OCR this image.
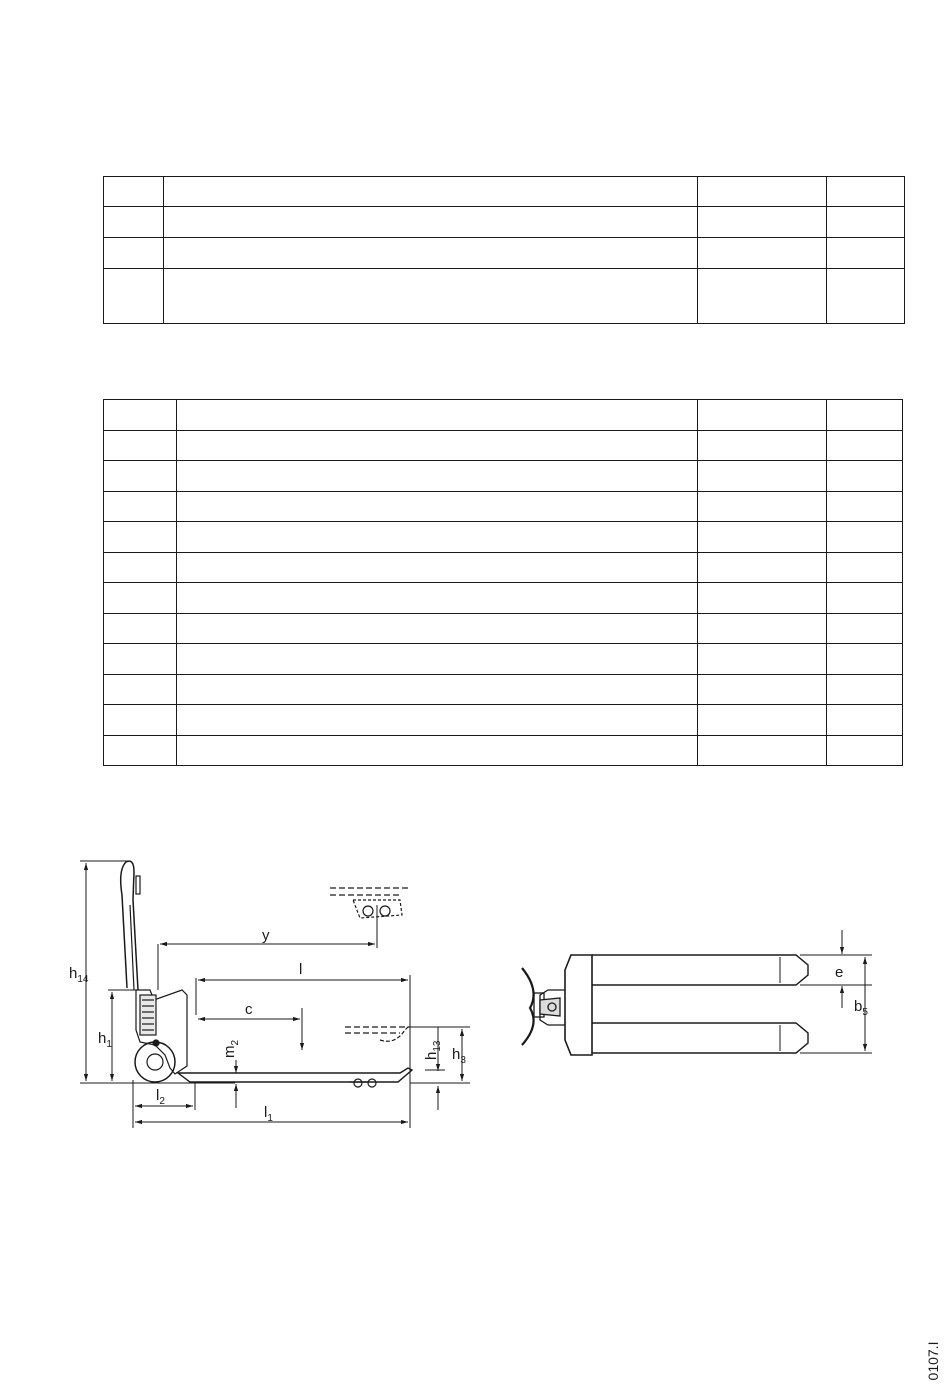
$h_{14}$
$h_1$
y
l
c
$m_2$
$h_{13}$ $h_3$
$l_2$
$l_1$
e
$b_5$
0107.I
